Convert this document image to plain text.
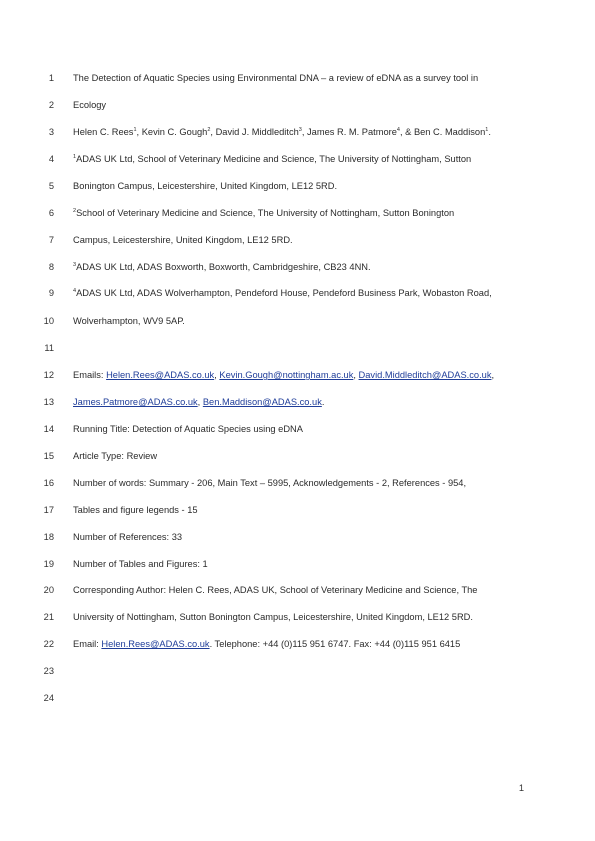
1 The Detection of Aquatic Species using Environmental DNA – a review of eDNA as a survey tool in
2 Ecology
3 Helen C. Rees$^1$, Kevin C. Gough$^2$, David J. Middleditch$^3$, James R. M. Patmore$^4$, & Ben C. Maddison$^1$.
4	$^1$ADAS UK Ltd, School of Veterinary Medicine and Science, The University of Nottingham, Sutton
5 Bonington Campus, Leicestershire, United Kingdom, LE12 5RD.
6	$^2$School of Veterinary Medicine and Science, The University of Nottingham, Sutton Bonington
7 Campus, Leicestershire, United Kingdom, LE12 5RD.
8	$^3$ADAS UK Ltd, ADAS Boxworth, Boxworth, Cambridgeshire, CB23 4NN.
9	$^4$ADAS UK Ltd, ADAS Wolverhampton, Pendeford House, Pendeford Business Park, Wobaston Road,
10 Wolverhampton, WV9 5AP.
11
12 Emails: Helen.Rees@ADAS.co.uk, Kevin.Gough@nottingham.ac.uk, David.Middleditch@ADAS.co.uk,
13 James.Patmore@ADAS.co.uk, Ben.Maddison@ADAS.co.uk.
14 Running Title: Detection of Aquatic Species using eDNA
15 Article Type: Review
16 Number of words: Summary - 206, Main Text – 5995, Acknowledgements - 2, References - 954,
17 Tables and figure legends - 15
18 Number of References: 33
19 Number of Tables and Figures: 1
20 Corresponding Author: Helen C. Rees, ADAS UK, School of Veterinary Medicine and Science, The
21 University of Nottingham, Sutton Bonington Campus, Leicestershire, United Kingdom, LE12 5RD.
22 Email: Helen.Rees@ADAS.co.uk. Telephone: +44 (0)115 951 6747. Fax: +44 (0)115 951 6415
23
24
1
